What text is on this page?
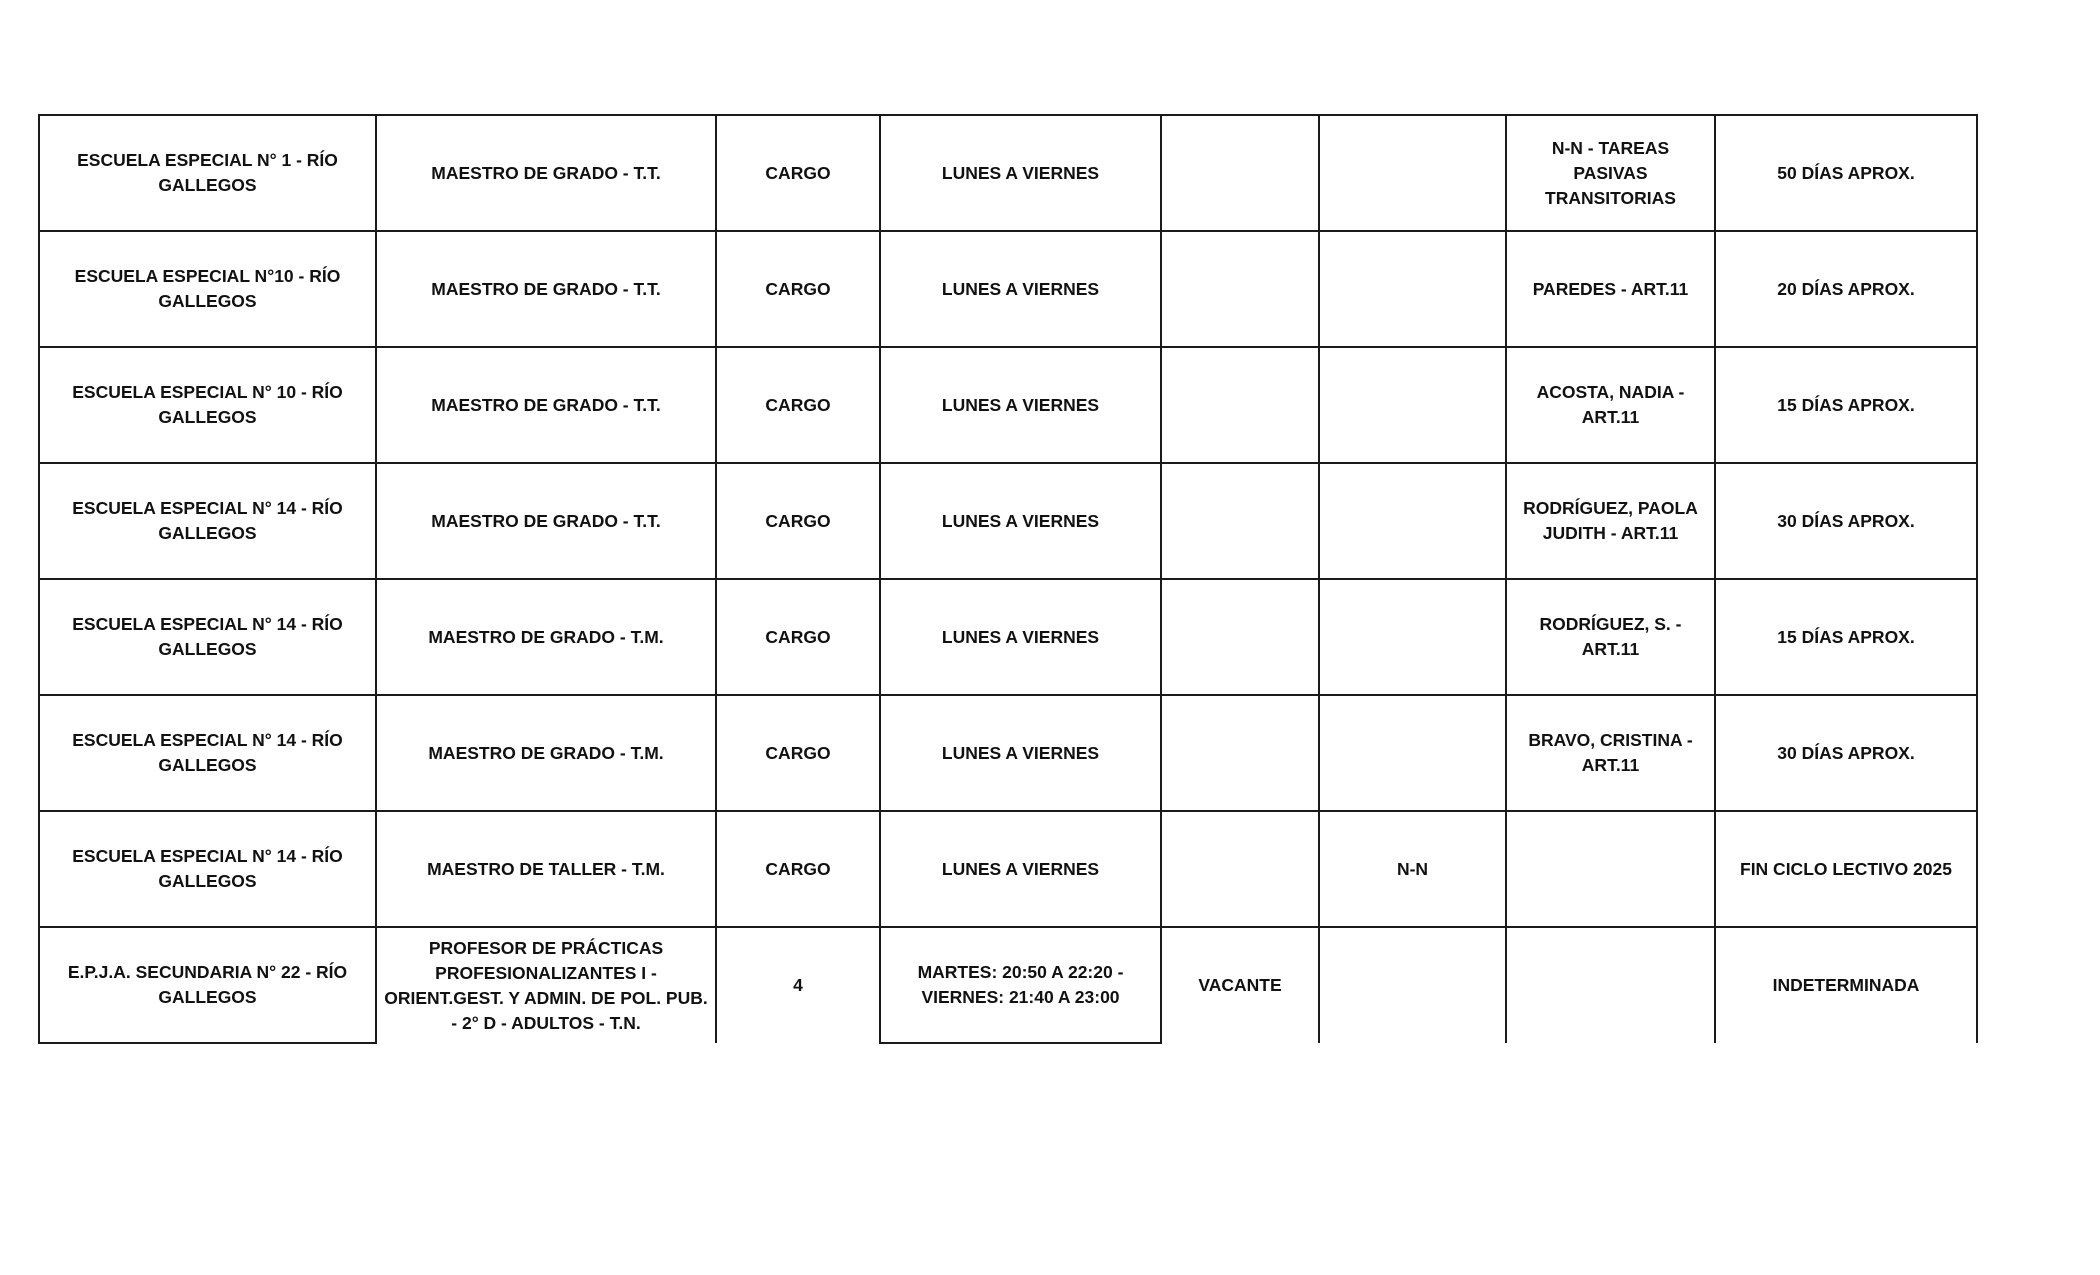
ESCUELA ESPECIAL N° 1 - RÍO GALLEGOS	MAESTRO DE GRADO - T.T.	CARGO	LUNES A VIERNES			N-N - TAREAS PASIVAS TRANSITORIAS	50 DÍAS APROX.
ESCUELA ESPECIAL N°10 - RÍO GALLEGOS	MAESTRO DE GRADO - T.T.	CARGO	LUNES A VIERNES			PAREDES - ART.11	20 DÍAS APROX.
ESCUELA ESPECIAL N° 10 - RÍO GALLEGOS	MAESTRO DE GRADO - T.T.	CARGO	LUNES A VIERNES			ACOSTA, NADIA - ART.11	15 DÍAS APROX.
ESCUELA ESPECIAL N° 14 - RÍO GALLEGOS	MAESTRO DE GRADO - T.T.	CARGO	LUNES A VIERNES			RODRÍGUEZ, PAOLA JUDITH - ART.11	30 DÍAS APROX.
ESCUELA ESPECIAL N° 14 - RÍO GALLEGOS	MAESTRO DE GRADO - T.M.	CARGO	LUNES A VIERNES			RODRÍGUEZ, S. - ART.11	15 DÍAS APROX.
ESCUELA ESPECIAL N° 14 - RÍO GALLEGOS	MAESTRO DE GRADO - T.M.	CARGO	LUNES A VIERNES			BRAVO, CRISTINA - ART.11	30 DÍAS APROX.
ESCUELA ESPECIAL N° 14 - RÍO GALLEGOS	MAESTRO DE TALLER - T.M.	CARGO	LUNES A VIERNES		N-N		FIN CICLO LECTIVO 2025
E.P.J.A. SECUNDARIA N° 22 - RÍO GALLEGOS	PROFESOR DE PRÁCTICAS PROFESIONALIZANTES I - ORIENT.GEST. Y ADMIN. DE POL. PUB. - 2° D - ADULTOS - T.N.	4	MARTES: 20:50 A 22:20 - VIERNES: 21:40 A 23:00	VACANTE			INDETERMINADA
